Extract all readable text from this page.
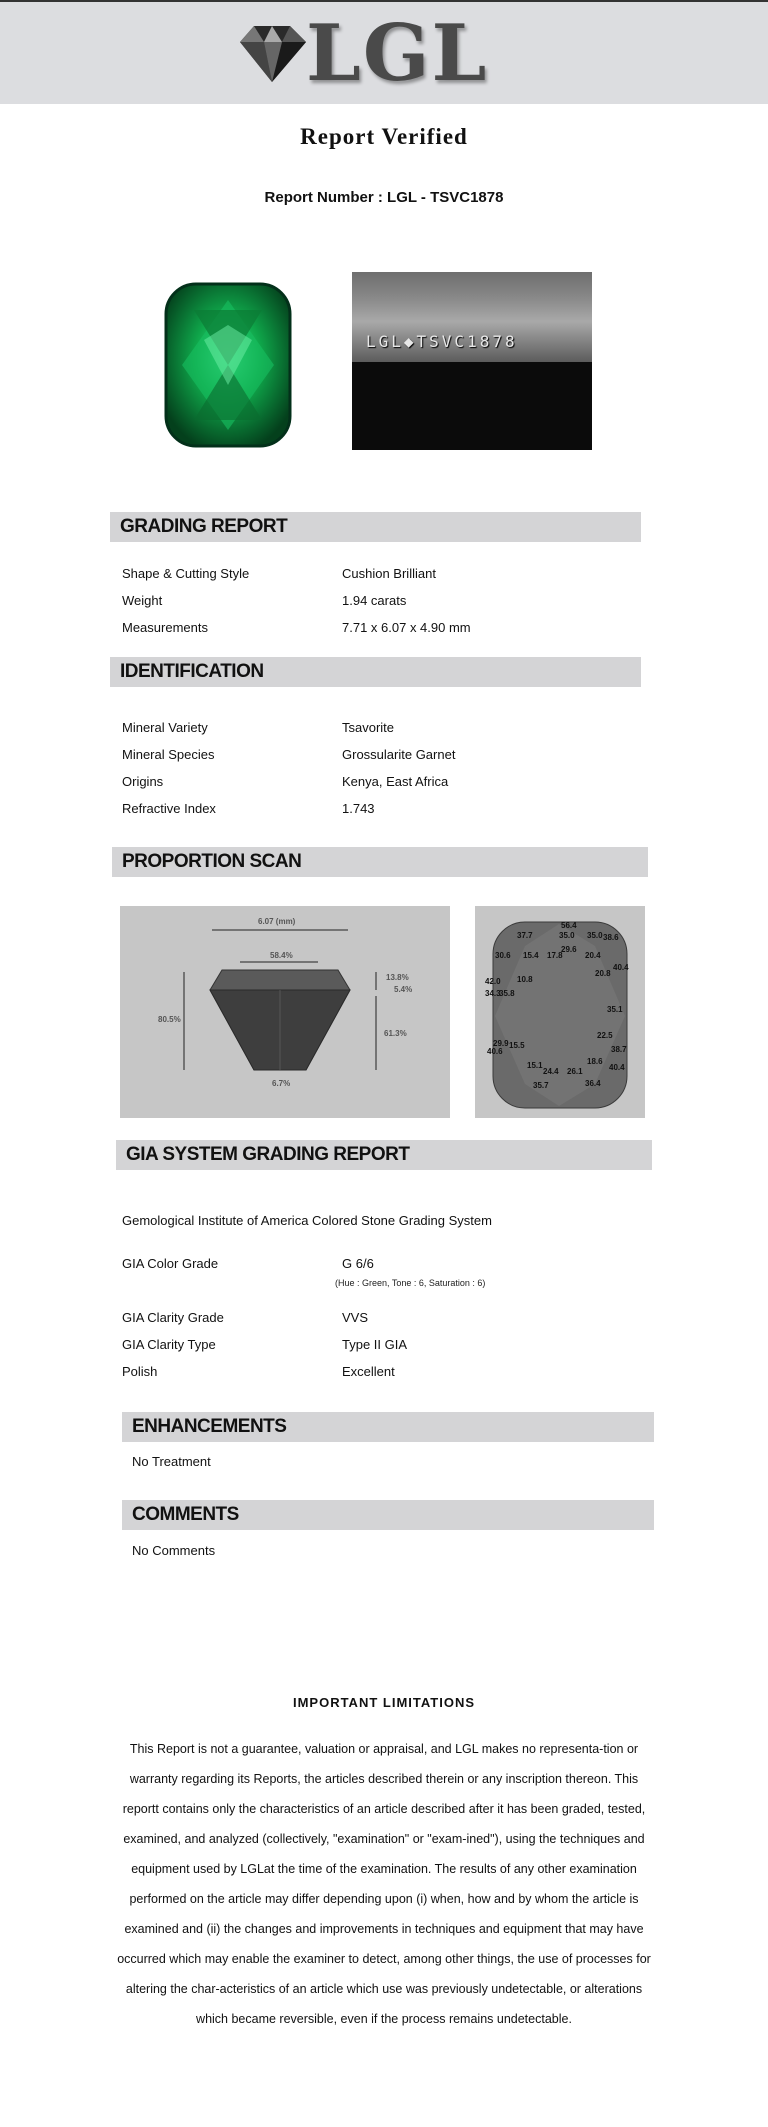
LGL
Report Verified
Report Number : LGL - TSVC1878
LGL◆TSVC1878
GRADING REPORT
Shape & Cutting Style	Cushion Brilliant
Weight	1.94 carats
Measurements	7.71 x 6.07 x 4.90 mm
IDENTIFICATION
Mineral Variety	Tsavorite
Mineral Species	Grossularite Garnet
Origins	Kenya, East Africa
Refractive Index	1.743
PROPORTION SCAN
6.07 (mm)
58.4%
80.5%
13.8%
5.4%
61.3%
6.7%
56.4
37.7	35.0 35.0 38.6
30.6 15.4 17.8
29.6
20.4
40.4
42.0 10.8
20.8
34.3
35.8
35.1
22.5
29.9 15.5	38.7
40.6
18.6
15.1
24.4 26.1	40.4
35.7	36.4
GIA SYSTEM GRADING REPORT
Gemological Institute of America Colored Stone Grading System
GIA Color Grade	G 6/6
(Hue : Green, Tone : 6, Saturation : 6)
GIA Clarity Grade	VVS
GIA Clarity Type	Type II GIA
Polish	Excellent
ENHANCEMENTS
No Treatment
COMMENTS
No Comments
IMPORTANT LIMITATIONS
This Report is not a guarantee, valuation or appraisal, and LGL makes no representa-tion or warranty regarding its Reports, the articles described therein or any inscription thereon. This reportt contains only the characteristics of an article described after it has been graded, tested, examined, and analyzed (collectively, "examination" or "exam-ined"), using the techniques and equipment used by LGLat the time of the examination. The results of any other examination performed on the article may differ depending upon (i) when, how and by whom the article is examined and (ii) the changes and improvements in techniques and equipment that may have occurred which may enable the examiner to detect, among other things, the use of processes for altering the char-acteristics of an article which use was previously undetectable, or alterations which became reversible, even if the process remains undetectable.
